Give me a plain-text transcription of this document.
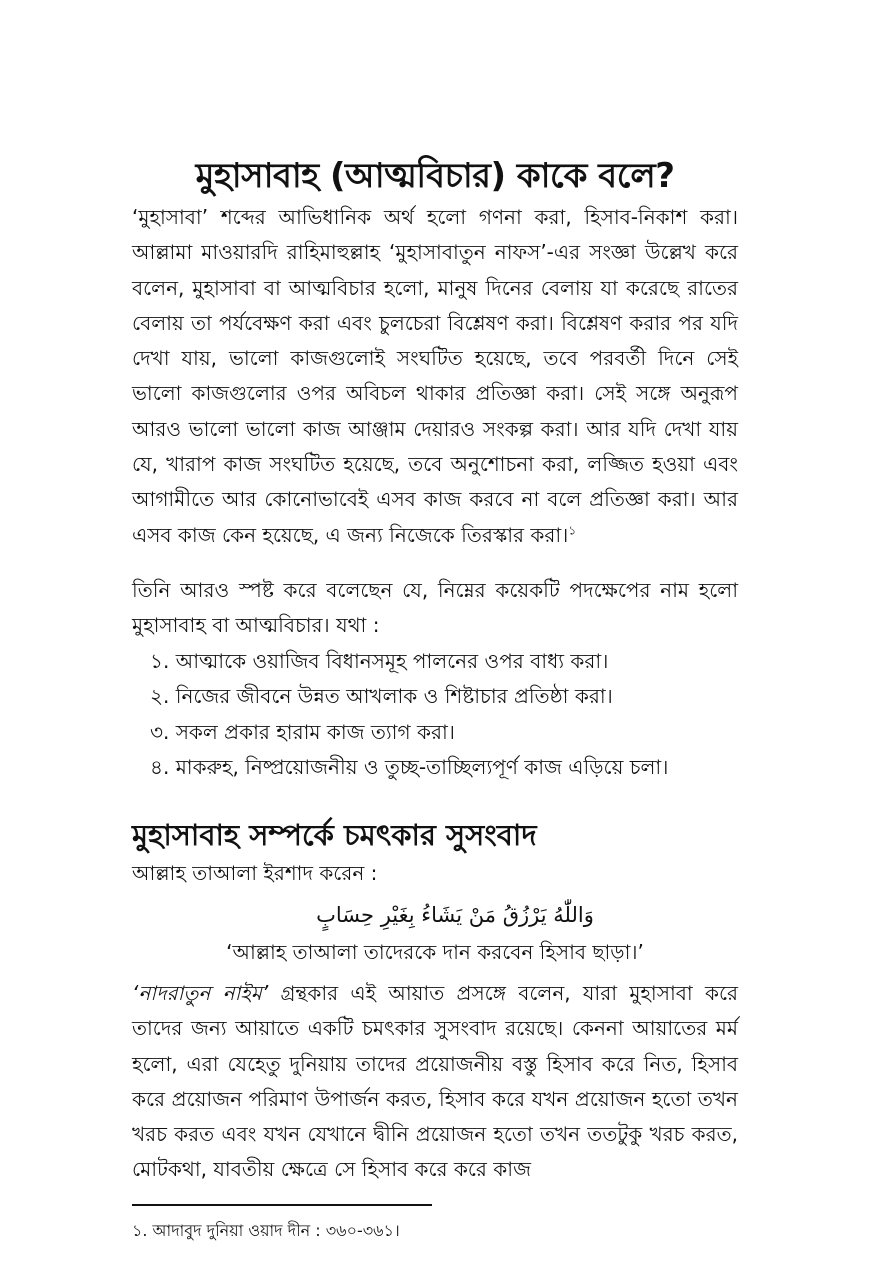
মুহাসাবাহ (আত্মবিচার) কাকে বলে?
‘মুহাসাবা’ শব্দের আভিধানিক অর্থ হলো গণনা করা, হিসাব-নিকাশ করা। আল্লামা মাওয়ারদি রাহিমাহুল্লাহ ‘মুহাসাবাতুন নাফস’-এর সংজ্ঞা উল্লেখ করে বলেন, মুহাসাবা বা আত্মবিচার হলো, মানুষ দিনের বেলায় যা করেছে রাতের বেলায় তা পর্যবেক্ষণ করা এবং চুলচেরা বিশ্লেষণ করা। বিশ্লেষণ করার পর যদি দেখা যায়, ভালো কাজগুলোই সংঘটিত হয়েছে, তবে পরবর্তী দিনে সেই ভালো কাজগুলোর ওপর অবিচল থাকার প্রতিজ্ঞা করা। সেই সঙ্গে অনুরূপ আরও ভালো ভালো কাজ আঞ্জাম দেয়ারও সংকল্প করা। আর যদি দেখা যায় যে, খারাপ কাজ সংঘটিত হয়েছে, তবে অনুশোচনা করা, লজ্জিত হওয়া এবং আগামীতে আর কোনোভাবেই এসব কাজ করবে না বলে প্রতিজ্ঞা করা। আর এসব কাজ কেন হয়েছে, এ জন্য নিজেকে তিরস্কার করা।$^১$
তিনি আরও স্পষ্ট করে বলেছেন যে, নিম্নের কয়েকটি পদক্ষেপের নাম হলো মুহাসাবাহ বা আত্মবিচার। যথা :
১. আত্মাকে ওয়াজিব বিধানসমূহ পালনের ওপর বাধ্য করা।
২. নিজের জীবনে উন্নত আখলাক ও শিষ্টাচার প্রতিষ্ঠা করা।
৩. সকল প্রকার হারাম কাজ ত্যাগ করা।
৪. মাকরুহ, নিষ্প্রয়োজনীয় ও তুচ্ছ-তাচ্ছিল্যপূর্ণ কাজ এড়িয়ে চলা।
মুহাসাবাহ সম্পর্কে চমৎকার সুসংবাদ
আল্লাহ তাআলা ইরশাদ করেন :
وَاللّٰهُ يَرْزُقُ مَنْ يَشَاءُ بِغَيْرِ حِسَابٍ
‘আল্লাহ তাআলা তাদেরকে দান করবেন হিসাব ছাড়া।’
‘নাদরাতুন নাইম’ গ্রন্থকার এই আয়াত প্রসঙ্গে বলেন, যারা মুহাসাবা করে তাদের জন্য আয়াতে একটি চমৎকার সুসংবাদ রয়েছে। কেননা আয়াতের মর্ম হলো, এরা যেহেতু দুনিয়ায় তাদের প্রয়োজনীয় বস্তু হিসাব করে নিত, হিসাব করে প্রয়োজন পরিমাণ উপার্জন করত, হিসাব করে যখন প্রয়োজন হতো তখন খরচ করত এবং যখন যেখানে দ্বীনি প্রয়োজন হতো তখন ততটুকু খরচ করত, মোটকথা, যাবতীয় ক্ষেত্রে সে হিসাব করে করে কাজ
১. আদাবুদ দুনিয়া ওয়াদ দীন : ৩৬০-৩৬১।
